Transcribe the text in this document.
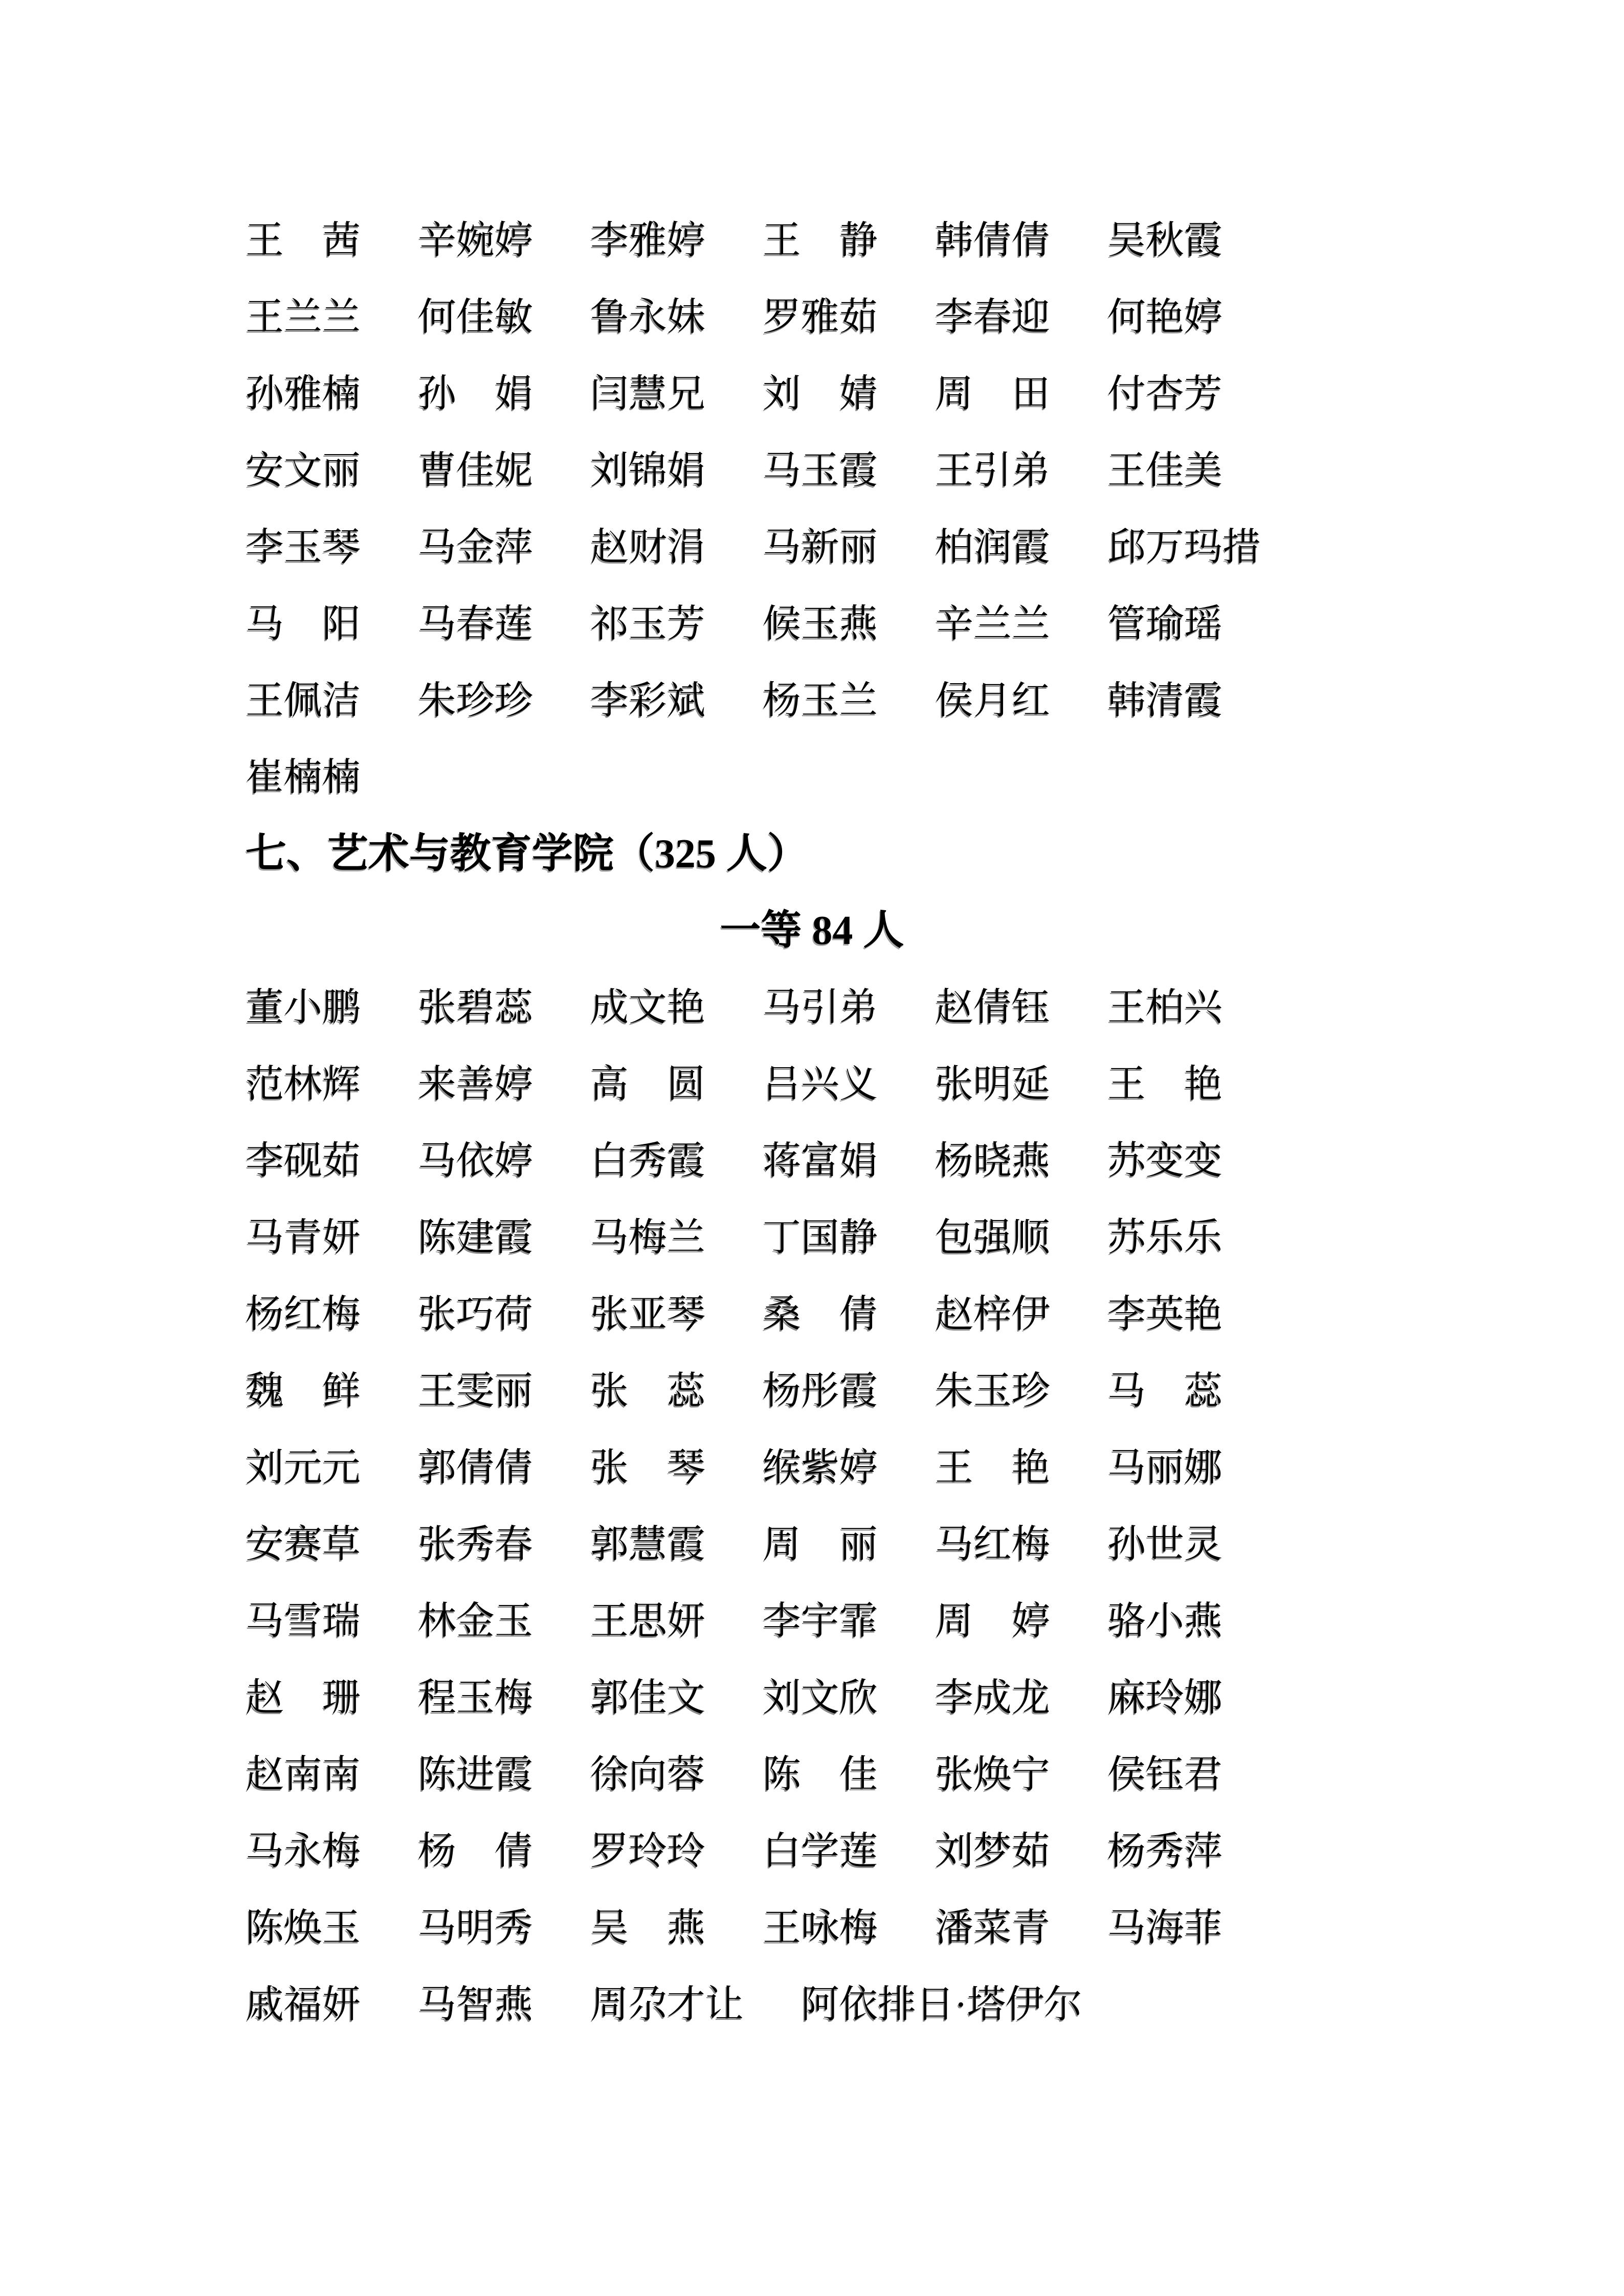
王 茜 辛 婉 婷 李 雅 婷 王 静 韩 倩 倩 吴 秋 霞
王 兰 兰 何 佳 敏 鲁 永 妹 罗 雅 茹 李 春 迎 何 艳 婷
孙 雅 楠 孙 娟 闫 慧 兄 刘 婧 周 田 付 杏 芳
安 文 丽 曹 佳 妮 刘 锦 娟 马 玉 霞 王 引 弟 王 佳 美
李 玉 琴 马 金 萍 赵 财 涓 马 新 丽 柏 润 霞 邱万玛措
马 阳 马 春 莲 祁 玉 芳 候 玉 燕 辛 兰 兰 管 瑜 瑶
王 佩 洁 朱 珍 珍 李 彩 斌 杨 玉 兰 侯 月 红 韩 清 霞
崔 楠 楠
七、艺术与教育学院（325 人）
一等 84 人
董 小 鹏 张 碧 蕊 成 文 艳 马 引 弟 赵 倩 钰 王 柏 兴
范 林 辉 来 善 婷 高 圆 吕 兴 义 张 明 延 王 艳
李 砚 茹 马 依 婷 白 秀 霞 蒋 富 娟 杨 晓 燕 苏 变 变
马 青 妍 陈 建 霞 马 梅 兰 丁 国 静 包 强 顺 苏 乐 乐
杨 红 梅 张 巧 荷 张 亚 琴 桑 倩 赵 梓 伊 李 英 艳
魏 鲜 王 雯 丽 张 蕊 杨 彤 霞 朱 玉 珍 马 蕊
刘 元 元 郭 倩 倩 张 琴 缑 紫 婷 王 艳 马 丽 娜
安 赛 草 张 秀 春 郭 慧 霞 周 丽 马 红 梅 孙 世 灵
马 雪 瑞 林 金 玉 王 思 妍 李 宇 霏 周 婷 骆 小 燕
赵 珊 程 玉 梅 郭 佳 文 刘 文 欣 李 成 龙 麻 玲 娜
赵 南 南 陈 进 霞 徐 向 蓉 陈 佳 张 焕 宁 侯 钰 君
马 永 梅 杨 倩 罗 玲 玲 白 学 莲 刘 梦 茹 杨 秀 萍
陈 焕 玉 马 明 秀 吴 燕 王 咏 梅 潘 菜 青 马 海 菲
戚 福 妍 马 智 燕 周尕才让 阿依排日·塔伊尔
